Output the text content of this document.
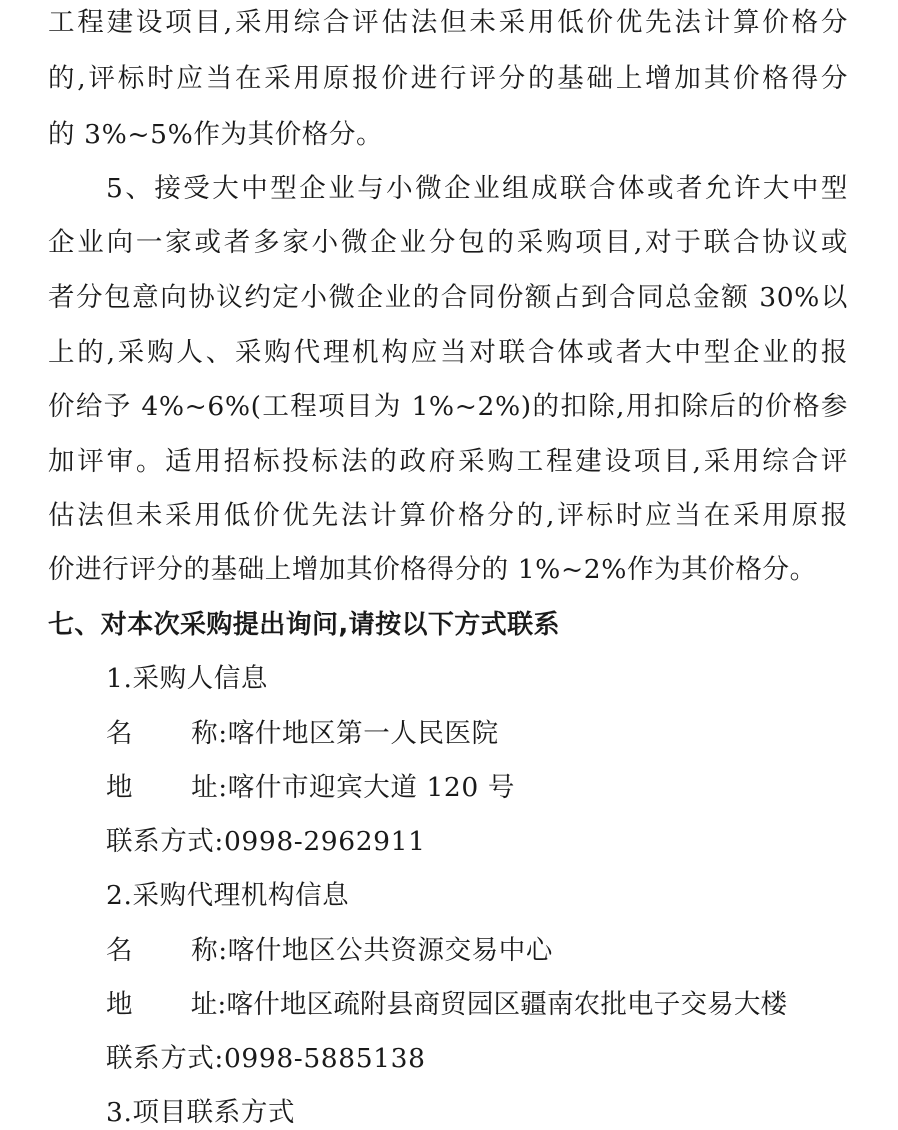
工程建设项目,采用综合评估法但未采用低价优先法计算价格分
的,评标时应当在采用原报价进行评分的基础上增加其价格得分
的 3%~5%作为其价格分。
5、接受大中型企业与小微企业组成联合体或者允许大中型
企业向一家或者多家小微企业分包的采购项目,对于联合协议或
者分包意向协议约定小微企业的合同份额占到合同总金额 30%以
上的,采购人、采购代理机构应当对联合体或者大中型企业的报
价给予 4%~6%(工程项目为 1%~2%)的扣除,用扣除后的价格参
加评审。适用招标投标法的政府采购工程建设项目,采用综合评
估法但未采用低价优先法计算价格分的,评标时应当在采用原报
价进行评分的基础上增加其价格得分的 1%~2%作为其价格分。
七、对本次采购提出询问,请按以下方式联系
1.采购人信息
名 称:喀什地区第一人民医院
地 址:喀什市迎宾大道 120 号
联系方式:0998-2962911
2.采购代理机构信息
名 称:喀什地区公共资源交易中心
地 址:喀什地区疏附县商贸园区疆南农批电子交易大楼
联系方式:0998-5885138
3.项目联系方式
